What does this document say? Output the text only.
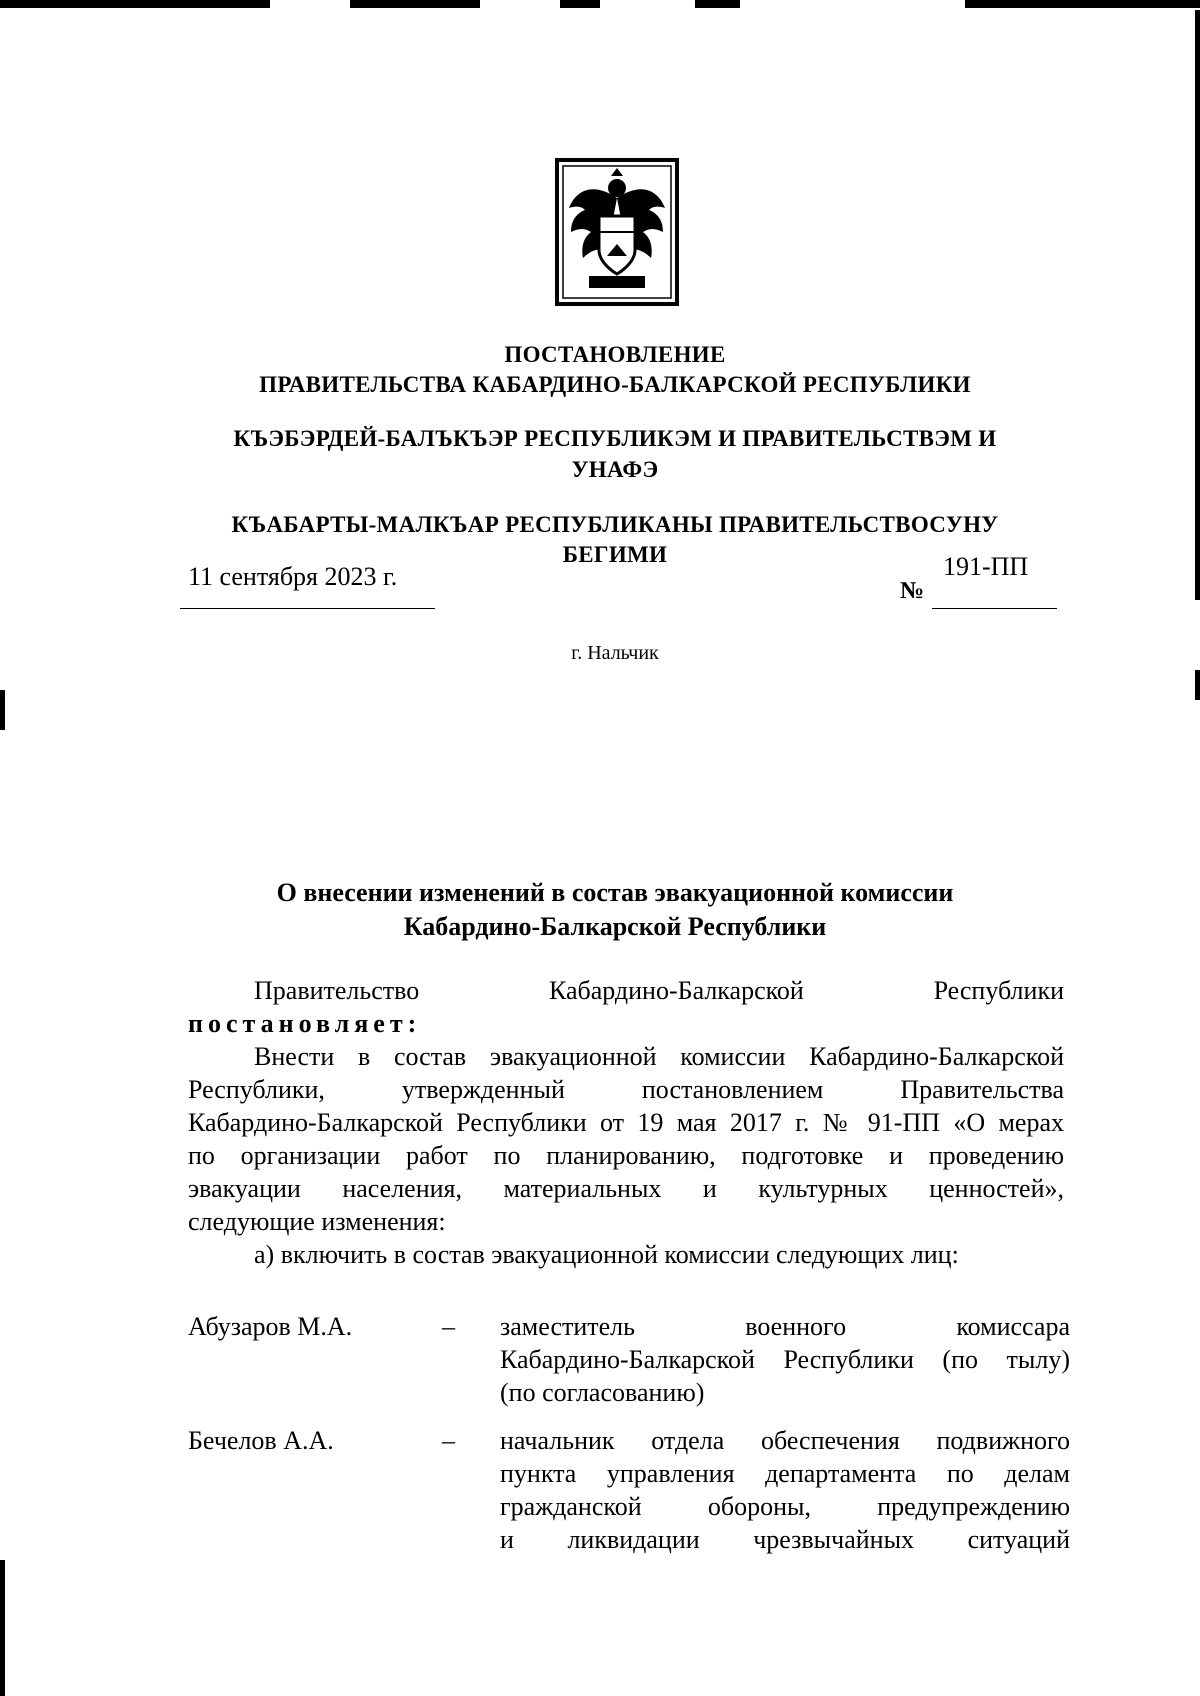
ПОСТАНОВЛЕНИЕ
ПРАВИТЕЛЬСТВА КАБАРДИНО-БАЛКАРСКОЙ РЕСПУБЛИКИ
КЪЭБЭРДЕЙ-БАЛЪКЪЭР РЕСПУБЛИКЭМ И ПРАВИТЕЛЬСТВЭМ И
УНАФЭ
КЪАБАРТЫ-МАЛКЪАР РЕСПУБЛИКАНЫ ПРАВИТЕЛЬСТВОСУНУ
БЕГИМИ
11 сентября 2023 г.	191-ПП
№
г. Нальчик
О внесении изменений в состав эвакуационной комиссии
Кабардино-Балкарской Республики
Правительство	Кабардино-Балкарской	Республики
постановляет:
Внести в состав эвакуационной комиссии Кабардино-Балкарской
Республики, утвержденный постановлением Правительства
Кабардино-Балкарской Республики от 19 мая 2017 г. № 91-ПП «О мерах
по организации работ по планированию, подготовке и проведению
эвакуации населения, материальных и культурных ценностей»,
следующие изменения:
а) включить в состав эвакуационной комиссии следующих лиц:
Абузаров М.А.	– заместитель военного комиссара
Кабардино-Балкарской Республики (по тылу)
(по согласованию)
Бечелов А.А.	– начальник отдела обеспечения подвижного
пункта управления департамента по делам
гражданской обороны, предупреждению
и ликвидации чрезвычайных ситуаций
